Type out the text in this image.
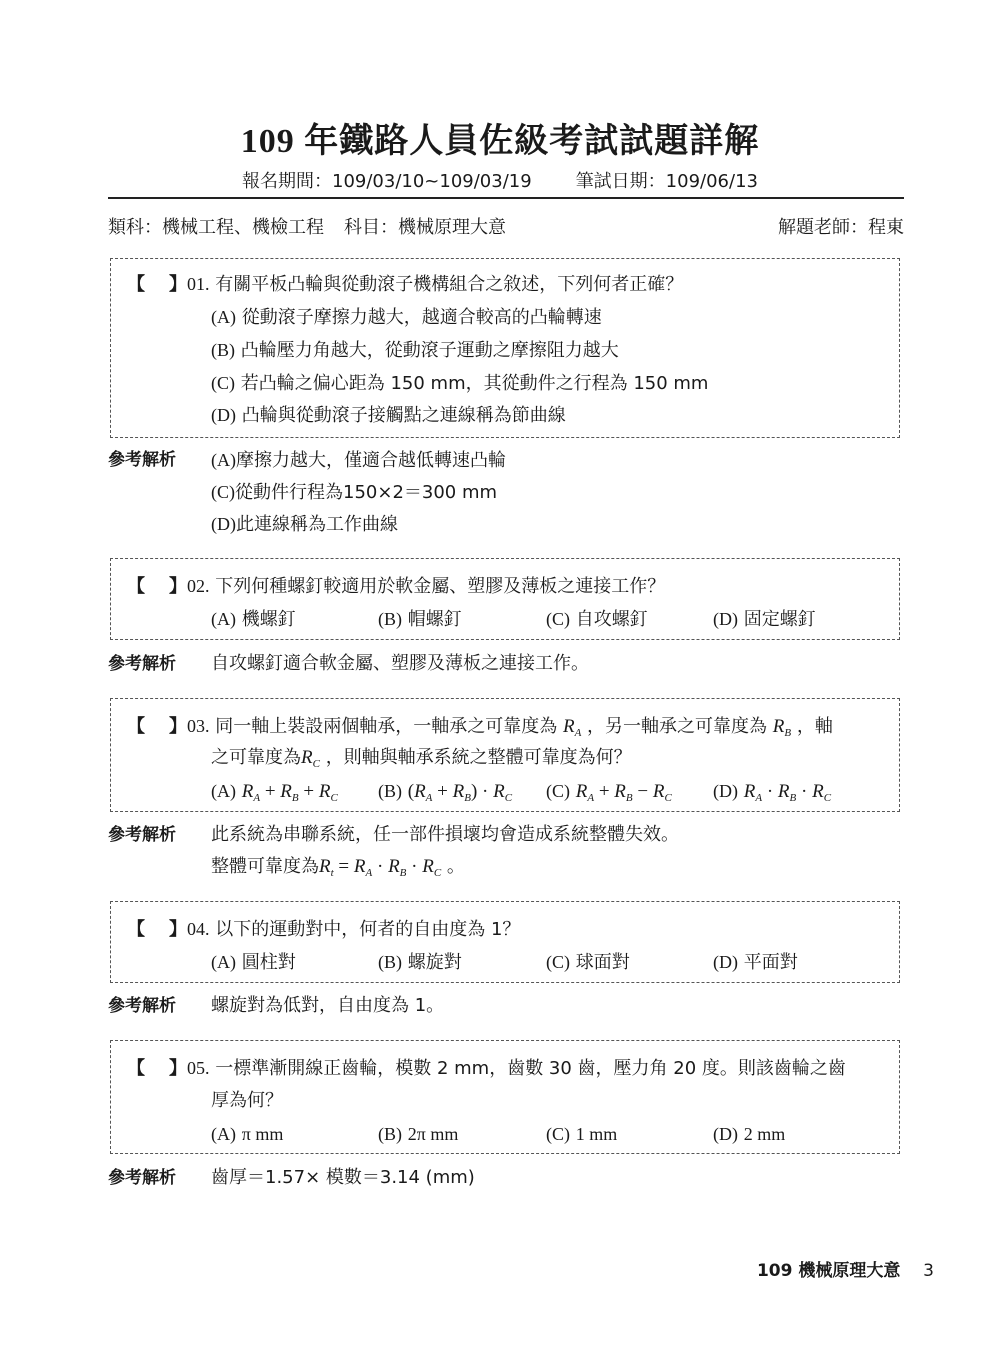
109 年鐵路人員佐級考試試題詳解
報名期間：109/03/10~109/03/19 筆試日期：109/06/13
類科：機械工程、機檢工程 科目：機械原理大意	解題老師：程東
【 】01. 有關平板凸輪與從動滾子機構組合之敘述，下列何者正確？
(A) 從動滾子摩擦力越大，越適合較高的凸輪轉速
(B) 凸輪壓力角越大，從動滾子運動之摩擦阻力越大
(C) 若凸輪之偏心距為 150 mm，其從動件之行程為 150 mm
(D) 凸輪與從動滾子接觸點之連線稱為節曲線
參考解析 (A)摩擦力越大，僅適合越低轉速凸輪
(C)從動件行程為150×2＝300 mm
(D)此連線稱為工作曲線
【 】02. 下列何種螺釘較適用於軟金屬、塑膠及薄板之連接工作？
(A) 機螺釘	(B) 帽螺釘	(C) 自攻螺釘	(D) 固定螺釘
參考解析 自攻螺釘適合軟金屬、塑膠及薄板之連接工作。
【 】03. 同一軸上裝設兩個軸承，一軸承之可靠度為 $R_A$ ，另一軸承之可靠度為 $R_B$ ，軸
之可靠度為$R_C$ ，則軸與軸承系統之整體可靠度為何？
(A) $R_A + R_B + R_C$ (B) $(R_A + R_B) \cdot R_C$ (C) $R_A + R_B - R_C$ (D) $R_A \cdot R_B \cdot R_C$
參考解析 此系統為串聯系統，任一部件損壞均會造成系統整體失效。
整體可靠度為$R_t = R_A \cdot R_B \cdot R_C$ 。
【 】04. 以下的運動對中，何者的自由度為 1？
(A) 圓柱對	(B) 螺旋對	(C) 球面對	(D) 平面對
參考解析 螺旋對為低對，自由度為 1。
【 】05. 一標準漸開線正齒輪，模數 2 mm，齒數 30 齒，壓力角 20 度。則該齒輪之齒
厚為何？
(A) π mm	(B) 2π mm	(C) 1 mm	(D) 2 mm
參考解析 齒厚＝1.57× 模數＝3.14 (mm)
109 機械原理大意 3
